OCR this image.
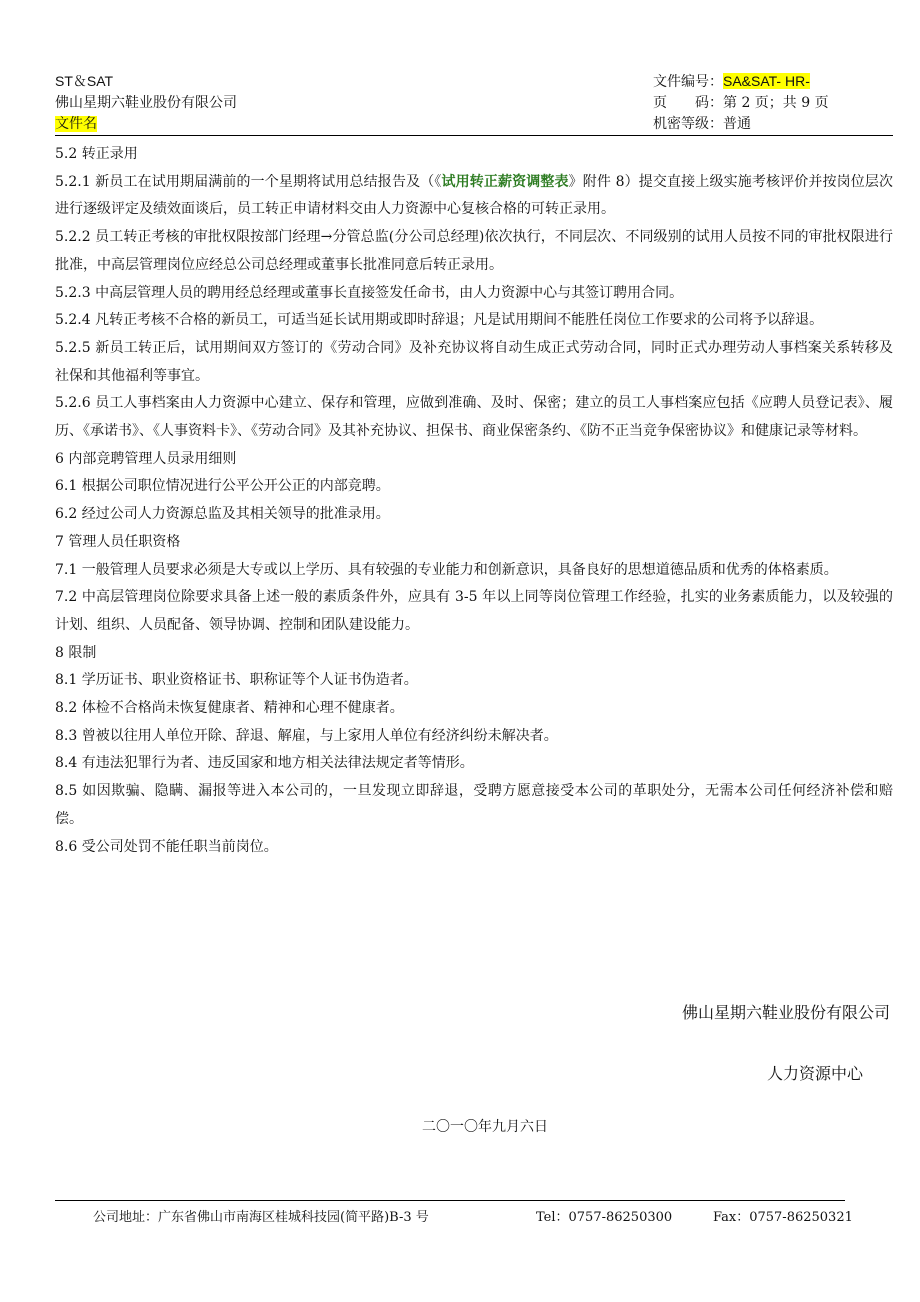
ST＆SAT
佛山星期六鞋业股份有限公司
文件名
文件编号：SA&SAT- HR-
页　　码：第 2 页；共 9 页
机密等级：普通

5.2 转正录用

5.2.1 新员工在试用期届满前的一个星期将试用总结报告及（《试用转正薪资调整表》附件 8）提交直接上级实施考核评价并按岗位层次进行逐级评定及绩效面谈后，员工转正申请材料交由人力资源中心复核合格的可转正录用。

5.2.2 员工转正考核的审批权限按部门经理→分管总监(分公司总经理)依次执行，不同层次、不同级别的试用人员按不同的审批权限进行批准，中高层管理岗位应经总公司总经理或董事长批准同意后转正录用。

5.2.3 中高层管理人员的聘用经总经理或董事长直接签发任命书，由人力资源中心与其签订聘用合同。

5.2.4 凡转正考核不合格的新员工，可适当延长试用期或即时辞退；凡是试用期间不能胜任岗位工作要求的公司将予以辞退。

5.2.5 新员工转正后，试用期间双方签订的《劳动合同》及补充协议将自动生成正式劳动合同，同时正式办理劳动人事档案关系转移及社保和其他福利等事宜。

5.2.6 员工人事档案由人力资源中心建立、保存和管理，应做到准确、及时、保密；建立的员工人事档案应包括《应聘人员登记表》、履历、《承诺书》、《人事资料卡》、《劳动合同》及其补充协议、担保书、商业保密条约、《防不正当竞争保密协议》和健康记录等材料。

6 内部竞聘管理人员录用细则

6.1 根据公司职位情况进行公平公开公正的内部竞聘。

6.2 经过公司人力资源总监及其相关领导的批准录用。

7 管理人员任职资格

7.1 一般管理人员要求必须是大专或以上学历、具有较强的专业能力和创新意识，具备良好的思想道德品质和优秀的体格素质。

7.2 中高层管理岗位除要求具备上述一般的素质条件外，应具有 3-5 年以上同等岗位管理工作经验，扎实的业务素质能力，以及较强的计划、组织、人员配备、领导协调、控制和团队建设能力。

8 限制

8.1 学历证书、职业资格证书、职称证等个人证书伪造者。

8.2 体检不合格尚未恢复健康者、精神和心理不健康者。

8.3 曾被以往用人单位开除、辞退、解雇，与上家用人单位有经济纠纷未解决者。

8.4 有违法犯罪行为者、违反国家和地方相关法律法规定者等情形。

8.5 如因欺骗、隐瞒、漏报等进入本公司的，一旦发现立即辞退，受聘方愿意接受本公司的革职处分，无需本公司任何经济补偿和赔偿。

8.6 受公司处罚不能任职当前岗位。

佛山星期六鞋业股份有限公司
人力资源中心
二〇一〇年九月六日
公司地址：广东省佛山市南海区桂城科技园(简平路)B-3 号	Tel：0757-86250300	Fax：0757-86250321
